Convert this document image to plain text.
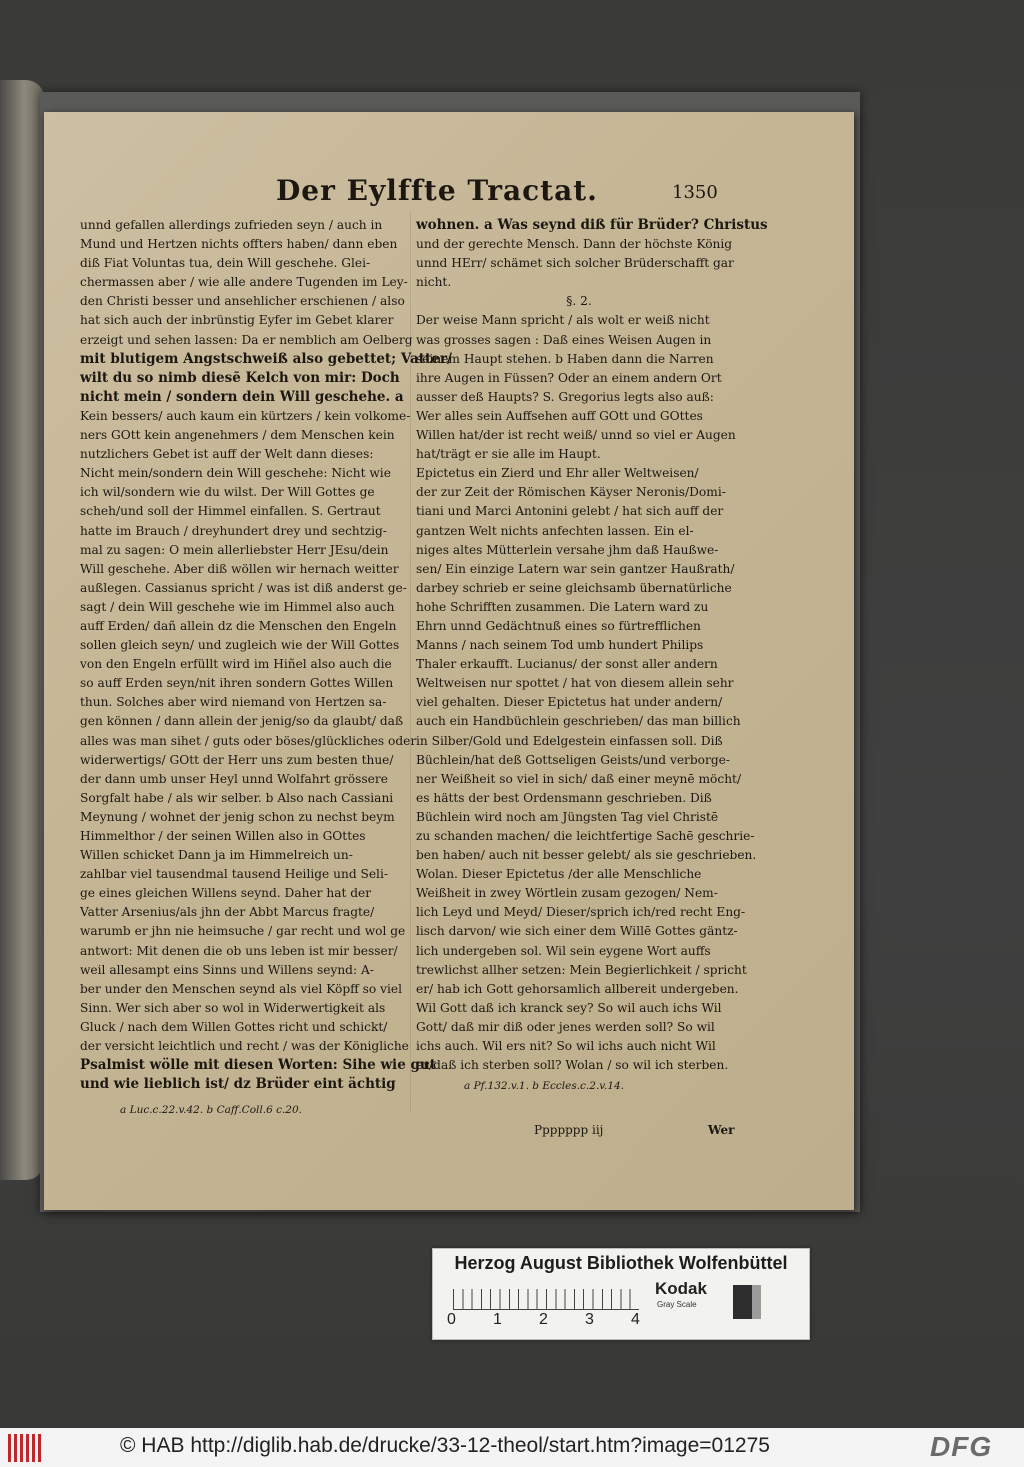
Der Eylffte Tractat.	1350
unnd gefallen allerdings zufrieden seyn / auch in
Mund und Hertzen nichts offters haben/ dann eben
diß Fiat Voluntas tua, dein Will geschehe. Glei-
chermassen aber / wie alle andere Tugenden im Ley-
den Christi besser und ansehlicher erschienen / also
hat sich auch der inbrünstig Eyfer im Gebet klarer
erzeigt und sehen lassen: Da er nemblich am Oelberg
mit blutigem Angstschweiß also gebettet; Vatter/
wilt du so nimb diesē Kelch von mir: Doch
nicht mein / sondern dein Will geschehe. a
Kein bessers/ auch kaum ein kürtzers / kein volkome-
ners GOtt kein angenehmers / dem Menschen kein
nutzlichers Gebet ist auff der Welt dann dieses:
Nicht mein/sondern dein Will geschehe: Nicht wie
ich wil/sondern wie du wilst. Der Will Gottes ge
scheh/und soll der Himmel einfallen. S. Gertraut
hatte im Brauch / dreyhundert drey und sechtzig-
mal zu sagen: O mein allerliebster Herr JEsu/dein
Will geschehe. Aber diß wöllen wir hernach weitter
außlegen. Cassianus spricht / was ist diß anderst ge-
sagt / dein Will geschehe wie im Himmel also auch
auff Erden/ dañ allein dz die Menschen den Engeln
sollen gleich seyn/ und zugleich wie der Will Gottes
von den Engeln erfüllt wird im Hiñel also auch die
so auff Erden seyn/nit ihren sondern Gottes Willen
thun. Solches aber wird niemand von Hertzen sa-
gen können / dann allein der jenig/so da glaubt/ daß
alles was man sihet / guts oder böses/glückliches oder
widerwertigs/ GOtt der Herr uns zum besten thue/
der dann umb unser Heyl unnd Wolfahrt grössere
Sorgfalt habe / als wir selber. b Also nach Cassiani
Meynung / wohnet der jenig schon zu nechst beym
Himmelthor / der seinen Willen also in GOttes
Willen schicket Dann ja im Himmelreich un-
zahlbar viel tausendmal tausend Heilige und Seli-
ge eines gleichen Willens seynd. Daher hat der
Vatter Arsenius/als jhn der Abbt Marcus fragte/
warumb er jhn nie heimsuche / gar recht und wol ge
antwort: Mit denen die ob uns leben ist mir besser/
weil allesampt eins Sinns und Willens seynd: A-
ber under den Menschen seynd als viel Köpff so viel
Sinn. Wer sich aber so wol in Widerwertigkeit als
Gluck / nach dem Willen Gottes richt und schickt/
der versicht leichtlich und recht / was der Königliche
Psalmist wölle mit diesen Worten: Sihe wie gut
und wie lieblich ist/ dz Brüder eint ächtig
wohnen. a Was seynd diß für Brüder? Christus
und der gerechte Mensch. Dann der höchste König
unnd HErr/ schämet sich solcher Brüderschafft gar
nicht.
§. 2.
Der weise Mann spricht / als wolt er weiß nicht
was grosses sagen : Daß eines Weisen Augen in
seinem Haupt stehen. b Haben dann die Narren
ihre Augen in Füssen? Oder an einem andern Ort
ausser deß Haupts? S. Gregorius legts also auß:
Wer alles sein Auffsehen auff GOtt und GOttes
Willen hat/der ist recht weiß/ unnd so viel er Augen
hat/trägt er sie alle im Haupt.
Epictetus ein Zierd und Ehr aller Weltweisen/
der zur Zeit der Römischen Käyser Neronis/Domi-
tiani und Marci Antonini gelebt / hat sich auff der
gantzen Welt nichts anfechten lassen. Ein el-
niges altes Mütterlein versahe jhm daß Haußwe-
sen/ Ein einzige Latern war sein gantzer Haußrath/
darbey schrieb er seine gleichsamb übernatürliche
hohe Schrifften zusammen. Die Latern ward zu
Ehrn unnd Gedächtnuß eines so fürtrefflichen
Manns / nach seinem Tod umb hundert Philips
Thaler erkaufft. Lucianus/ der sonst aller andern
Weltweisen nur spottet / hat von diesem allein sehr
viel gehalten. Dieser Epictetus hat under andern/
auch ein Handbüchlein geschrieben/ das man billich
in Silber/Gold und Edelgestein einfassen soll. Diß
Büchlein/hat deß Gottseligen Geists/und verborge-
ner Weißheit so viel in sich/ daß einer meynē möcht/
es hätts der best Ordensmann geschrieben. Diß
Büchlein wird noch am Jüngsten Tag viel Christē
zu schanden machen/ die leichtfertige Sachē geschrie-
ben haben/ auch nit besser gelebt/ als sie geschrieben.
Wolan. Dieser Epictetus /der alle Menschliche
Weißheit in zwey Wörtlein zusam gezogen/ Nem-
lich Leyd und Meyd/ Dieser/sprich ich/red recht Eng-
lisch darvon/ wie sich einer dem Willē Gottes gäntz-
lich undergeben sol. Wil sein eygene Wort auffs
trewlichst allher setzen: Mein Begierlichkeit / spricht
er/ hab ich Gott gehorsamlich allbereit undergeben.
Wil Gott daß ich kranck sey? So wil auch ichs Wil
Gott/ daß mir diß oder jenes werden soll? So wil
ichs auch. Wil ers nit? So wil ichs auch nicht Wil
er/daß ich sterben soll? Wolan / so wil ich sterben.
a Luc.c.22.v.42. b Caff.Coll.6 c.20.
a Pf.132.v.1. b Eccles.c.2.v.14.
Ppppppp iij	Wer
Herzog August Bibliothek Wolfenbüttel
0 1 2 3 4
Kodak
Gray Scale
© HAB http://diglib.hab.de/drucke/33-12-theol/start.htm?image=01275	DFG
